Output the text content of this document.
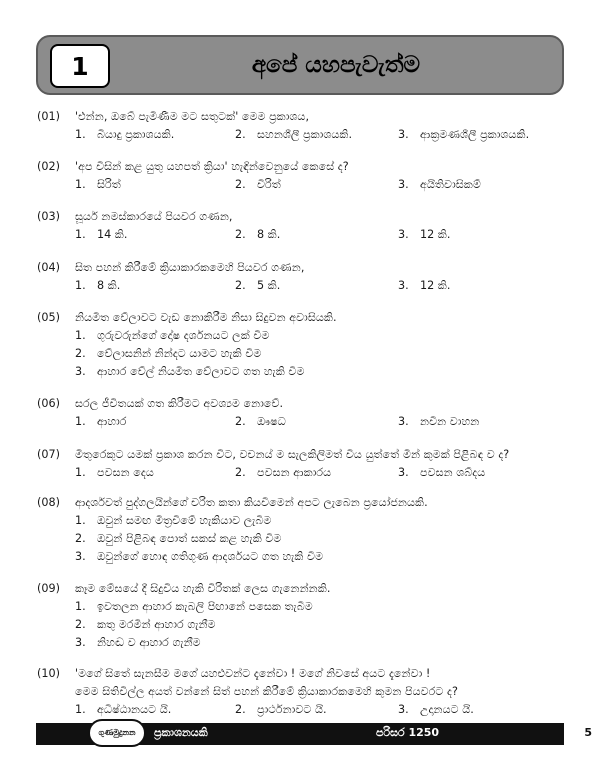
1	අපේ යහපැවැත්ම
(01) 'එන්න, ඔබේ පැමිණීම මට සතුටක්' මෙම ප්‍රකාශය,
1. බියාදු ප්‍රකාශයකි.	2. සහනශීලී ප්‍රකාශයකි.	3. ආක්‍රමණශීලී ප්‍රකාශයකි.
(02) 'අප විසින් කළ යුතු යහපත් ක්‍රියා' හැඳින්වෙනුයේ කෙසේ ද?
1. සිරිත්	2. විරිත්	3. අයිතිවාසිකම්
(03) සූර්ය නමස්කාරයේ පියවර ගණන,
1. 14 කි.	2. 8 කි.	3. 12 කි.
(04) සිත පහන් කිරීමේ ක්‍රියාකාරකමෙහි පියවර ගණන,
1. 8 කි.	2. 5 කි.	3. 12 කි.
(05) නියමිත වේලාවට වැඩ නොකිරීම නිසා සිදුවන අවාසියකි.
1. ගුරුවරුන්ගේ දෝෂ දර්ශනයට ලක් වීම
2. වේලාසනින් නින්දට යාමට හැකි වීම
3. ආහාර වේල් නියමිත වේලාවට ගත හැකි වීම
(06) සරල ජීවිතයක් ගත කිරීමට අවශ්‍යම නොවේ.
1. ආහාර	2. ඖෂධ	3. නවීන වාහන
(07) මිතුරෙකුට යමක් ප්‍රකාශ කරන විට, වචනය් ම සැලකිලිමත් විය යුත්තේ මින් කුමක් පිළිබඳ ව ද?
1. පවසන දෙය	2. පවසන ආකාරය	3. පවසන ශබ්දය
(08) ආදර්ශවත් පුද්ගලයින්ගේ චරිත කතා කියවීමෙන් අපට ලැබෙන ප්‍රයෝජනයකි.
1. ඔවුන් සමඟ මිත්‍රවීමේ හැකියාව ලැබීම
2. ඔවුන් පිළිබඳ පොත් සකස් කළ හැකි වීම
3. ඔවුන්ගේ හොඳ ගතිගුණ ආදර්ශයට ගත හැකි වීම
(09) කෑම මේසයේ දී සිදුවිය හැකි විරිතක් ලෙස ගැනෙන්නකි.
1. ඉවතලන ආහාර කැබලි පිඟානේ පසෙක තැබීම
2. කතු මරමින් ආහාර ගැනීම
3. නිහඬ ව ආහාර ගැනීම
(10) 'මගේ සිතේ සැනසීම මගේ යහළුවන්ට දැනේවා ! මගේ නිවසේ අයට දැනේවා !
මෙම සිතිවිල්ල අයත් වන්නේ සිත් පහන් කිරීමේ ක්‍රියාකාරකමෙහි කුමන පියවරට ද?
1. අධිෂ්ඨානයට යි.	2. ප්‍රාර්ථනාවට යි.	3. උදානයට යි.
ගුණමුදුනන	ප්‍රකාශනයකි	පරිසර 1250	5
